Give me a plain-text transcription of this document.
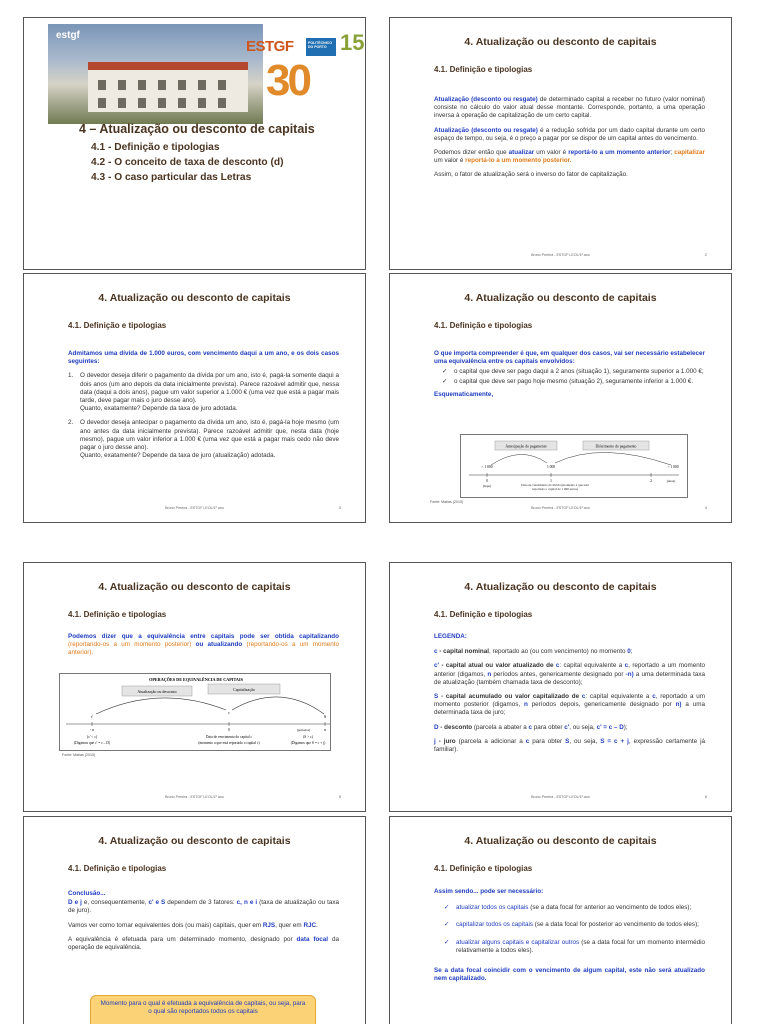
estgf
ESTGF	POLITÉCNICO DO PORTO 15
30
4 – Atualização ou desconto de capitais
4.1 - Definição e tipologias
4.2 - O conceito de taxa de desconto (d)
4.3 - O caso particular das Letras
4. Atualização ou desconto de capitais
4.1. Definição e tipologias

Atualização (desconto ou resgate) de determinado capital a receber no futuro (valor nominal) consiste no cálculo do valor atual desse montante. Corresponde, portanto, a uma operação inversa à operação de capitalização de um certo capital.

Atualização (desconto ou resgate) é a redução sofrida por um dado capital durante um certo espaço de tempo, ou seja, é o preço a pagar por se dispor de um capital antes do vencimento.

Podemos dizer então que atualizar um valor é reportá-lo a um momento anterior; capitalizar um valor é reportá-lo a um momento posterior.

Assim, o fator de atualização será o inverso do fator de capitalização.

Bruno Pereira - ESTGF LEOL/1º ano	2
4. Atualização ou desconto de capitais
4.1. Definição e tipologias

Admitamos uma dívida de 1.000 euros, com vencimento daqui a um ano, e os dois casos seguintes:

1. O devedor deseja diferir o pagamento da dívida por um ano, isto é, pagá-la somente daqui a dois anos (um ano depois da data inicialmente prevista). Parece razoável admitir que, nessa data (daqui a dois anos), pague um valor superior a 1.000 € (uma vez que está a pagar mais tarde, deve pagar mais o juro desse ano).
Quanto, exatamente? Depende da taxa de juro adotada.
2. O devedor deseja antecipar o pagamento da dívida um ano, isto é, pagá-la hoje mesmo (um ano antes da data inicialmente prevista). Parece razoável admitir que, nesta data (hoje mesmo), pague um valor inferior a 1.000 € (uma vez que está a pagar mais cedo não deve pagar o juro desse ano).
Quanto, exatamente? Depende da taxa de juro (atualização) adotada.
Bruno Pereira - ESTGF LEOL/1º ano	3
4. Atualização ou desconto de capitais
4.1. Definição e tipologias

O que importa compreender é que, em qualquer dos casos, vai ser necessário estabelecer uma equivalência entre os capitais envolvidos:

✓ o capital que deve ser pago daqui a 2 anos (situação 1), seguramente superior a 1.000 €;
✓ o capital que deve ser pago hoje mesmo (situação 2), seguramente inferior a 1.000 €.

Esquematicamente,

Antecipação do pagamento	Diferimento do pagamento
< 1 000	1 000	> 1 000
0	1	2	(anos)
(hoje)	Data de vencimento da dívida (momento a que está reportado o capital de 1 000 euros)
Fonte: Matias (2015)
Bruno Pereira - ESTGF LEOL/1º ano	4
4. Atualização ou desconto de capitais
4.1. Definição e tipologias

Podemos dizer que a equivalência entre capitais pode ser obtida capitalizando (reportando-os a um momento posterior) ou atualizando (reportando-os a um momento anterior).

OPERAÇÕES DE EQUIVALÊNCIA DE CAPITAIS
Atualização ou desconto	Capitalização
c'
c
S
- n	0	n
(períodos)
(c' < c)
(Digamos que c' = c – D)
Data de vencimento do capital c
(momento a que está reportado o capital c)
(S > c)
(Digamos que S = c + j)
Fonte: Matias (2015)
Bruno Pereira - ESTGF LEOL/1º ano	5
4. Atualização ou desconto de capitais
4.1. Definição e tipologias

LEGENDA:

c - capital nominal, reportado ao (ou com vencimento) no momento 0;

c' - capital atual ou valor atualizado de c: capital equivalente a c, reportado a um momento anterior (digamos, n períodos antes, genericamente designado por -n) a uma determinada taxa de atualização (também chamada taxa de desconto);

S - capital acumulado ou valor capitalizado de c: capital equivalente a c, reportado a um momento posterior (digamos, n períodos depois, genericamente designado por n) a uma determinada taxa de juro;

D - desconto (parcela a abater a c para obter c', ou seja, c' = c – D);

j - juro (parcela a adicionar a c para obter S, ou seja, S = c + j, expressão certamente já familiar).

Bruno Pereira - ESTGF LEOL/1º ano	6
4. Atualização ou desconto de capitais
4.1. Definição e tipologias

Conclusão...

D e j e, consequentemente, c' e S dependem de 3 fatores: c, n e i (taxa de atualização ou taxa de juro).

Vamos ver como tornar equivalentes dois (ou mais) capitais, quer em RJS, quer em RJC.

A equivalência é efetuada para um determinado momento, designado por data focal da operação de equivalência.

Momento para o qual é efetuada a equivalência de capitais, ou seja, para o qual são reportados todos os capitais
4. Atualização ou desconto de capitais
4.1. Definição e tipologias

Assim sendo... pode ser necessário:

✓ atualizar todos os capitais (se a data focal for anterior ao vencimento de todos eles);
✓ capitalizar todos os capitais (se a data focal for posterior ao vencimento de todos eles);
✓ atualizar alguns capitais e capitalizar outros (se a data focal for um momento intermédio relativamente a todos eles).

Se a data focal coincidir com o vencimento de algum capital, este não será atualizado nem capitalizado.
